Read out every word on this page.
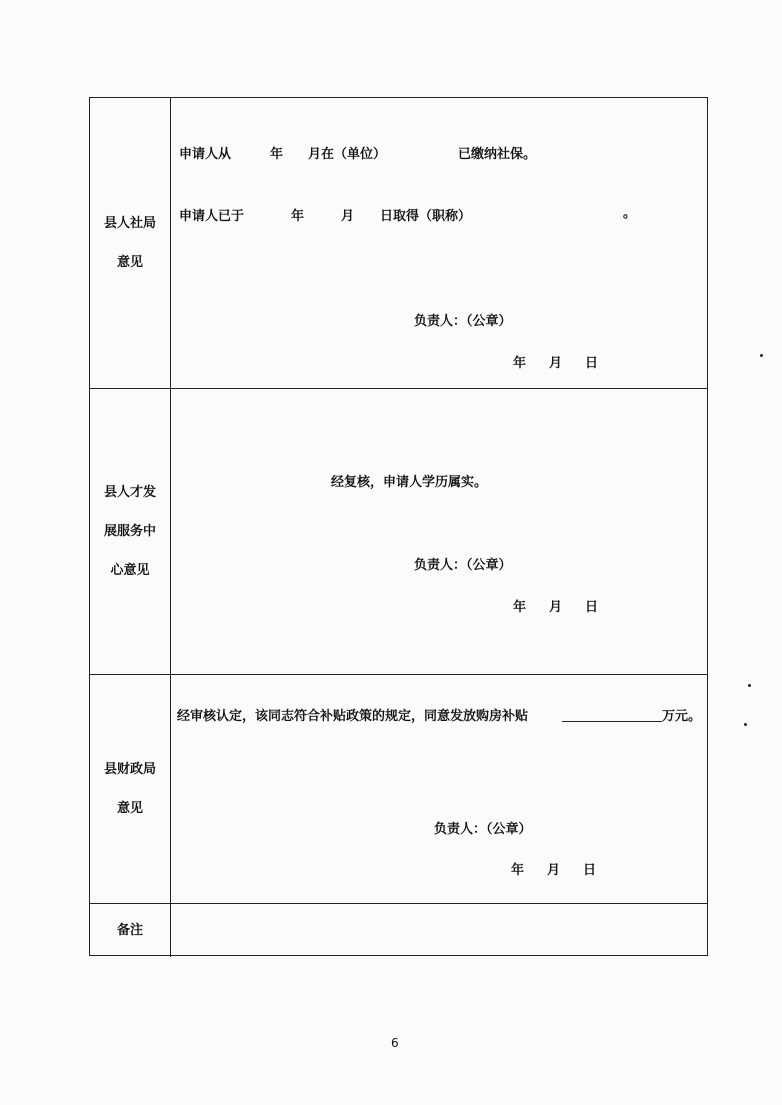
县人社局意见
申请人从	年 月在（单位）	已缴纳社保。
申请人已于	年	月 日取得（职称）	。
负责人：（公章）
年 月 日
县人才发展服务中心意见
经复核，申请人学历属实。
负责人：（公章）
年 月 日
县财政局意见
经审核认定，该同志符合补贴政策的规定，同意发放购房补贴	万元。
负责人：（公章）
年 月 日
备注
6
